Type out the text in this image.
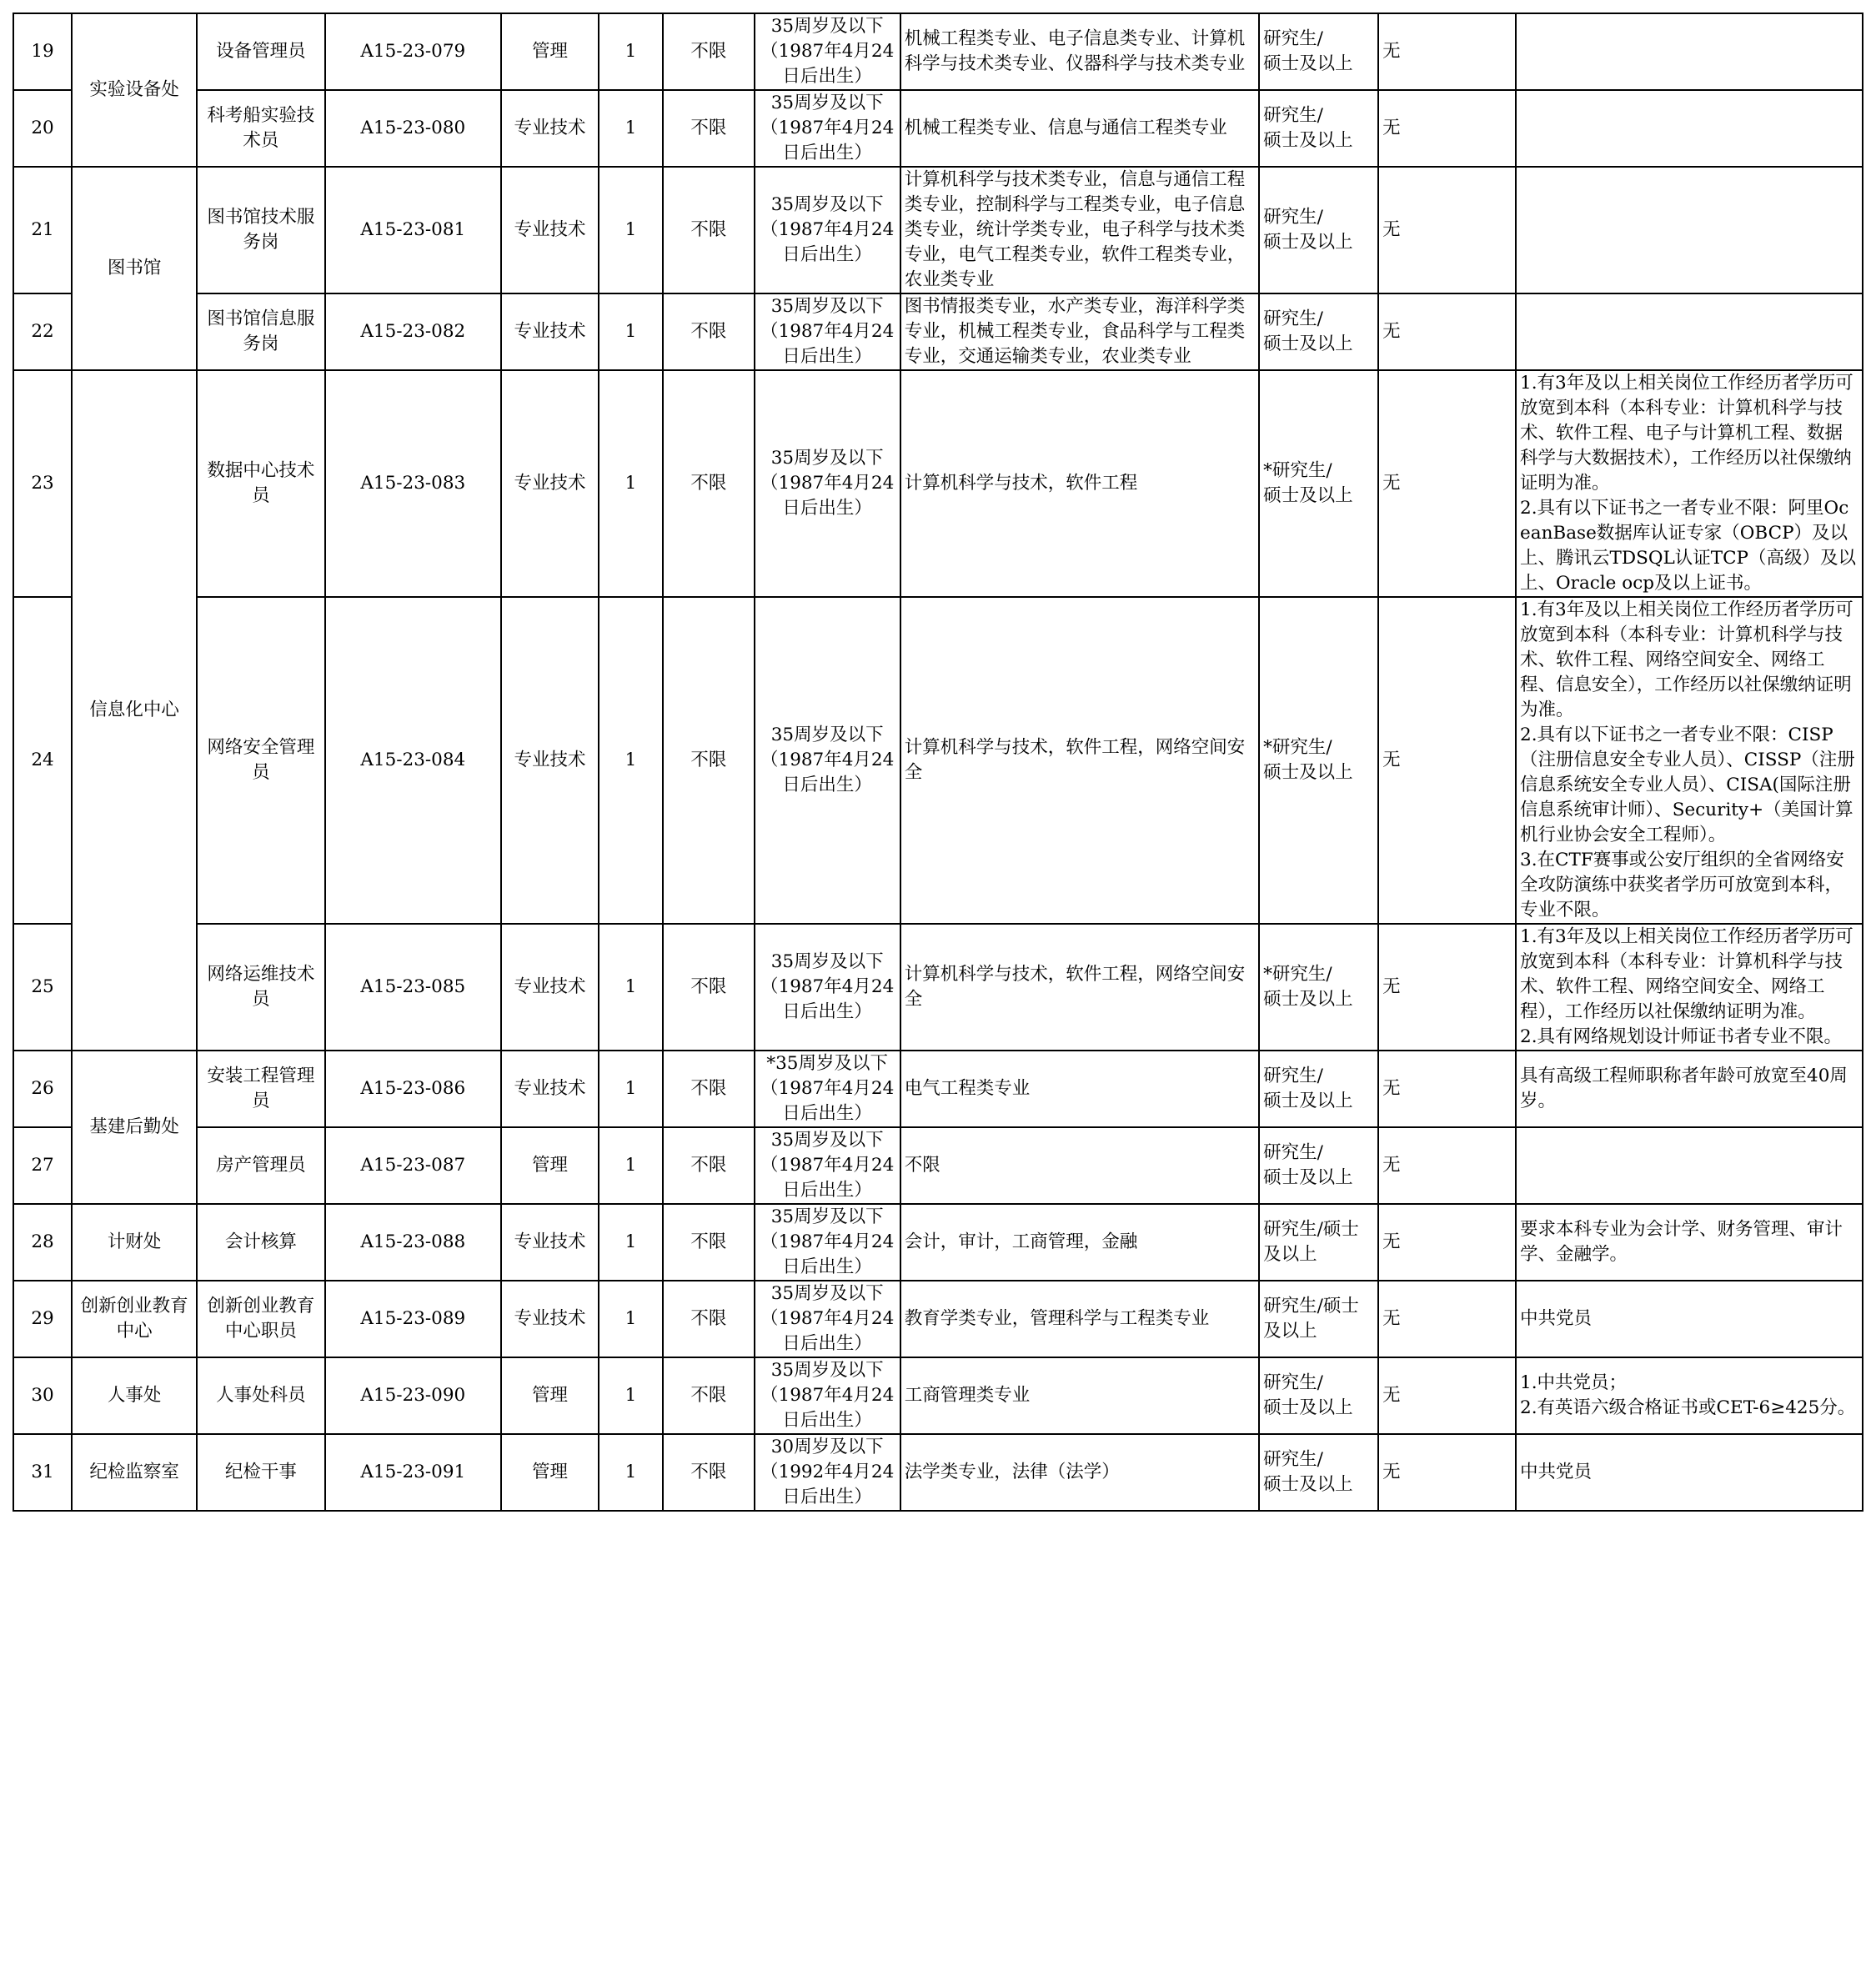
19	实验设备处	设备管理员	A15-23-079	管理	1	不限	35周岁及以下
（1987年4月24日后出生）	机械工程类专业、电子信息类专业、计算机科学与技术类专业、仪器科学与技术类专业	研究生/
硕士及以上	无	
20		科考船实验技术员	A15-23-080	专业技术	1	不限	35周岁及以下
（1987年4月24日后出生）	机械工程类专业、信息与通信工程类专业	研究生/
硕士及以上	无	
21	图书馆	图书馆技术服务岗	A15-23-081	专业技术	1	不限	35周岁及以下
（1987年4月24日后出生）	计算机科学与技术类专业，信息与通信工程类专业，控制科学与工程类专业，电子信息类专业，统计学类专业，电子科学与技术类专业，电气工程类专业，软件工程类专业，农业类专业	研究生/
硕士及以上	无	
22		图书馆信息服务岗	A15-23-082	专业技术	1	不限	35周岁及以下
（1987年4月24日后出生）	图书情报类专业，水产类专业，海洋科学类专业，机械工程类专业，食品科学与工程类专业，交通运输类专业，农业类专业	研究生/
硕士及以上	无	
23	信息化中心	数据中心技术员	A15-23-083	专业技术	1	不限	35周岁及以下
（1987年4月24日后出生）	计算机科学与技术，软件工程	*研究生/
硕士及以上	无	1.有3年及以上相关岗位工作经历者学历可放宽到本科（本科专业：计算机科学与技术、软件工程、电子与计算机工程、数据科学与大数据技术），工作经历以社保缴纳证明为准。
2.具有以下证书之一者专业不限：阿里OceanBase数据库认证专家（OBCP）及以上、腾讯云TDSQL认证TCP（高级）及以上、Oracle ocp及以上证书。
24		网络安全管理员	A15-23-084	专业技术	1	不限	35周岁及以下
（1987年4月24日后出生）	计算机科学与技术，软件工程，网络空间安全	*研究生/
硕士及以上	无	1.有3年及以上相关岗位工作经历者学历可放宽到本科（本科专业：计算机科学与技术、软件工程、网络空间安全、网络工程、信息安全），工作经历以社保缴纳证明为准。
2.具有以下证书之一者专业不限：CISP（注册信息安全专业人员）、CISSP（注册信息系统安全专业人员）、CISA(国际注册信息系统审计师）、Security+（美国计算机行业协会安全工程师）。
3.在CTF赛事或公安厅组织的全省网络安全攻防演练中获奖者学历可放宽到本科，专业不限。
25		网络运维技术员	A15-23-085	专业技术	1	不限	35周岁及以下
（1987年4月24日后出生）	计算机科学与技术，软件工程，网络空间安全	*研究生/
硕士及以上	无	1.有3年及以上相关岗位工作经历者学历可放宽到本科（本科专业：计算机科学与技术、软件工程、网络空间安全、网络工程），工作经历以社保缴纳证明为准。
2.具有网络规划设计师证书者专业不限。
26	基建后勤处	安装工程管理员	A15-23-086	专业技术	1	不限	*35周岁及以下
（1987年4月24日后出生）	电气工程类专业	研究生/
硕士及以上	无	具有高级工程师职称者年龄可放宽至40周岁。
27		房产管理员	A15-23-087	管理	1	不限	35周岁及以下
（1987年4月24日后出生）	不限	研究生/
硕士及以上	无	
28	计财处	会计核算	A15-23-088	专业技术	1	不限	35周岁及以下
（1987年4月24日后出生）	会计，审计，工商管理，金融	研究生/硕士及以上	无	要求本科专业为会计学、财务管理、审计学、金融学。
29	创新创业教育中心	创新创业教育中心职员	A15-23-089	专业技术	1	不限	35周岁及以下
（1987年4月24日后出生）	教育学类专业，管理科学与工程类专业	研究生/硕士及以上	无	中共党员
30	人事处	人事处科员	A15-23-090	管理	1	不限	35周岁及以下
（1987年4月24日后出生）	工商管理类专业	研究生/
硕士及以上	无	1.中共党员；
2.有英语六级合格证书或CET-6≥425分。
31	纪检监察室	纪检干事	A15-23-091	管理	1	不限	30周岁及以下
（1992年4月24日后出生）	法学类专业，法律（法学）	研究生/
硕士及以上	无	中共党员
